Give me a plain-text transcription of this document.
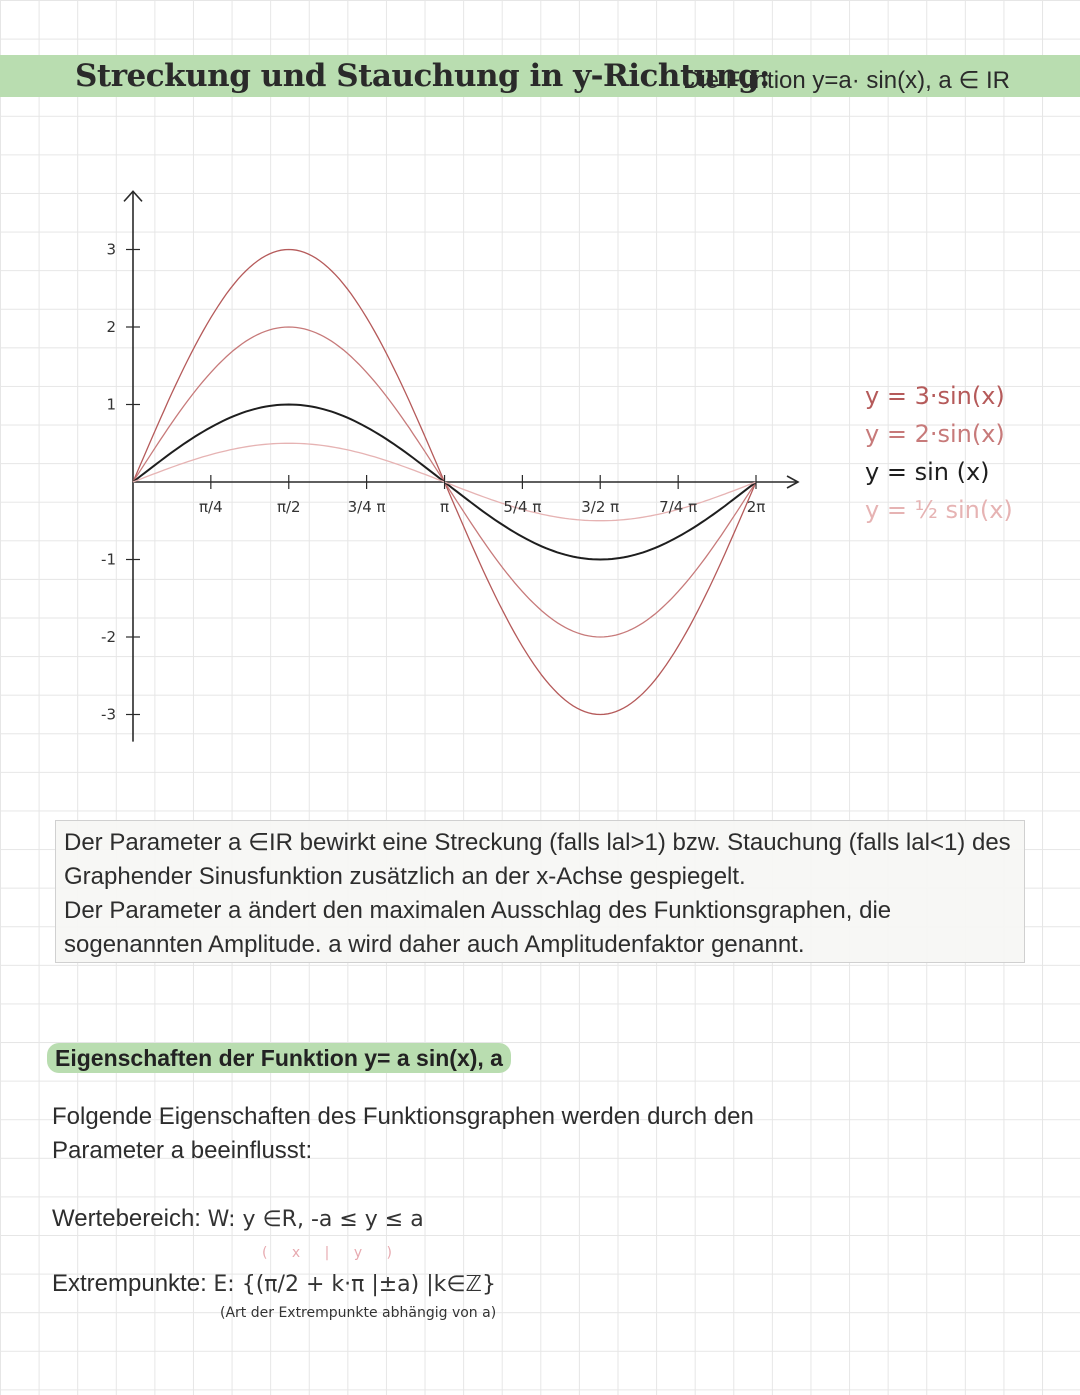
Streckung und Stauchung in y-Richtung:
Die Funtion y=a· sin(x), a ∈ IR
3
2
1
-1
-2
-3
π/4	π/2	3/4 π	π	5/4 π	3/2 π	7/4 π	2π
y = 3·sin(x)
y = 2·sin(x)
y = sin (x)
y = ½ sin(x)

Der Parameter a ∈IR bewirkt eine Streckung (falls lal>1) bzw. Stauchung (falls lal<1) des

Graphender Sinusfunktion zusätzlich an der x-Achse gespiegelt.

Der Parameter a ändert den maximalen Ausschlag des Funktionsgraphen, die

sogenannten Amplitude. a wird daher auch Amplitudenfaktor genannt.

Eigenschaften der Funktion y= a sin(x), a
Folgende Eigenschaften des Funktionsgraphen werden durch den Parameter a beeinflusst:
Wertebereich: W: y ∈R, -a ≤ y ≤ a
( x | y )
Extrempunkte: E: {(π/2 + k·π |±a) |k∈ℤ}
(Art der Extrempunkte abhängig von a)
